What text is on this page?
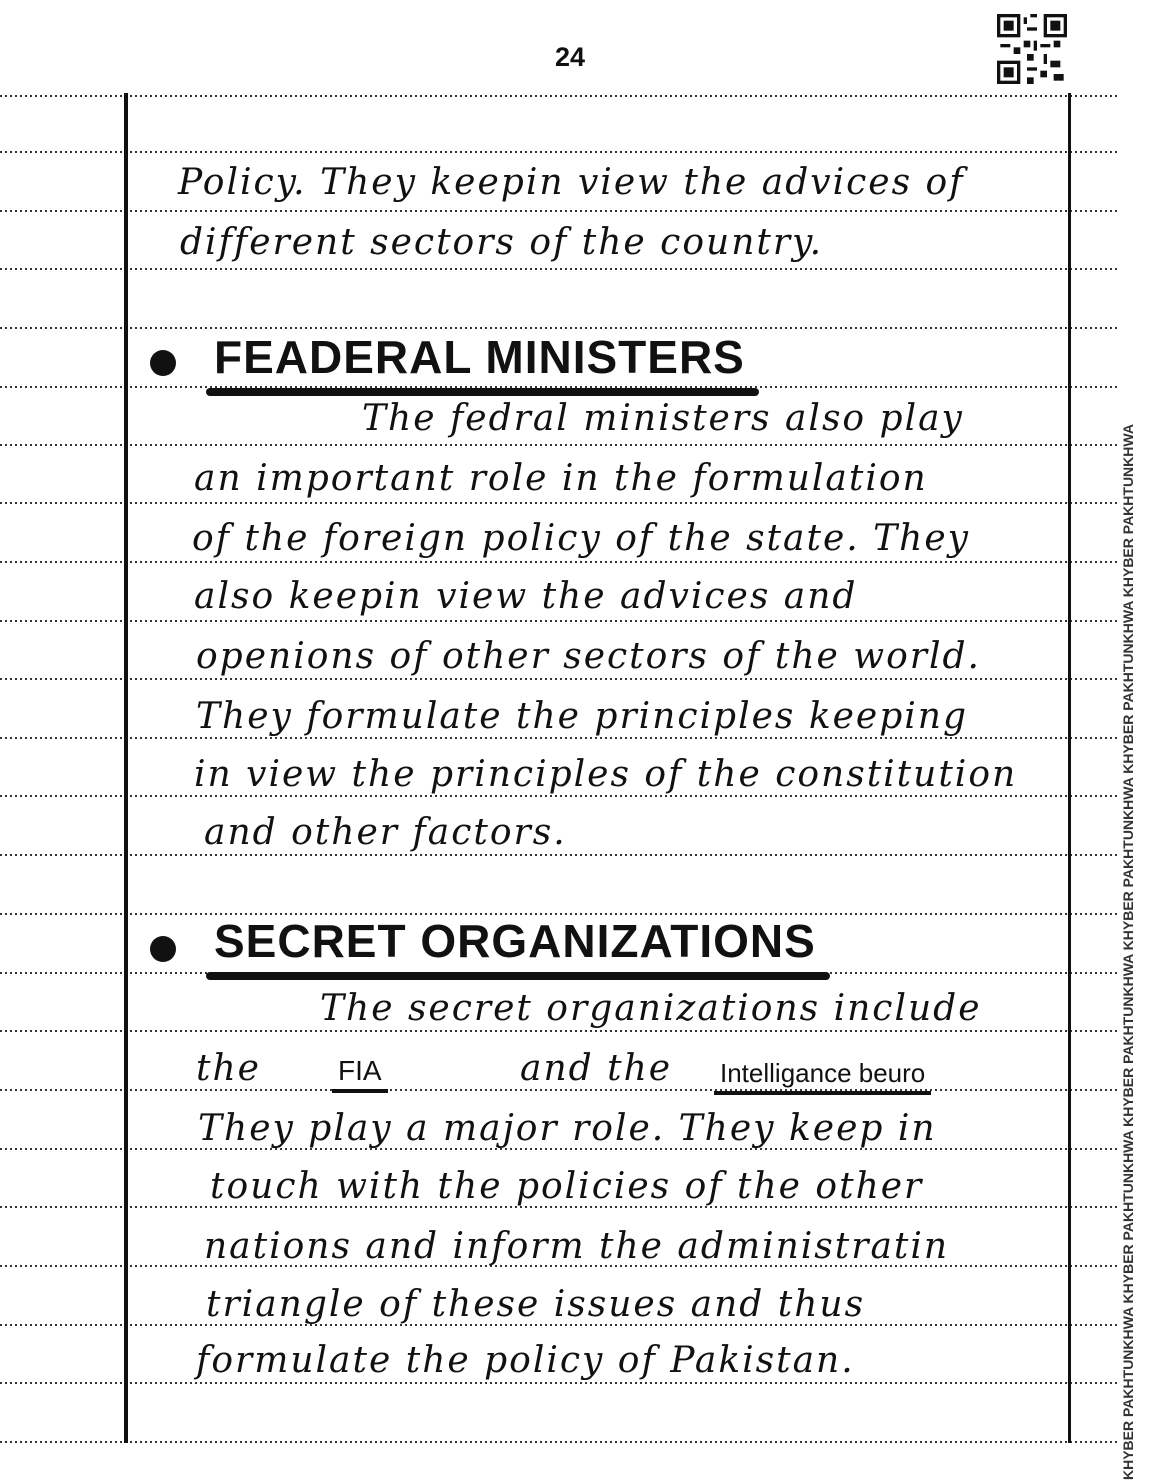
24
KHYBER PAKHTUNKHWA KHYBER PAKHTUNKHWA KHYBER PAKHTUNKHWA KHYBER PAKHTUNKHWA KHYBER PAKHTUNKHWA KHYBER PAKHTUNKHWA
Policy. They keepin view the advices of
different sectors of the country.
FEADERAL MINISTERS
The fedral ministers also play
an important role in the formulation
of the foreign policy of the state. They
also keepin view the advices and
openions of other sectors of the world.
They formulate the principles keeping
in view the principles of the constitution
and other factors.
SECRET ORGANIZATIONS
The secret organizations include
the	FIA	and the Intelligance beuro
They play a major role. They keep in
touch with the policies of the other
nations and inform the administratin
triangle of these issues and thus
formulate the policy of Pakistan.
